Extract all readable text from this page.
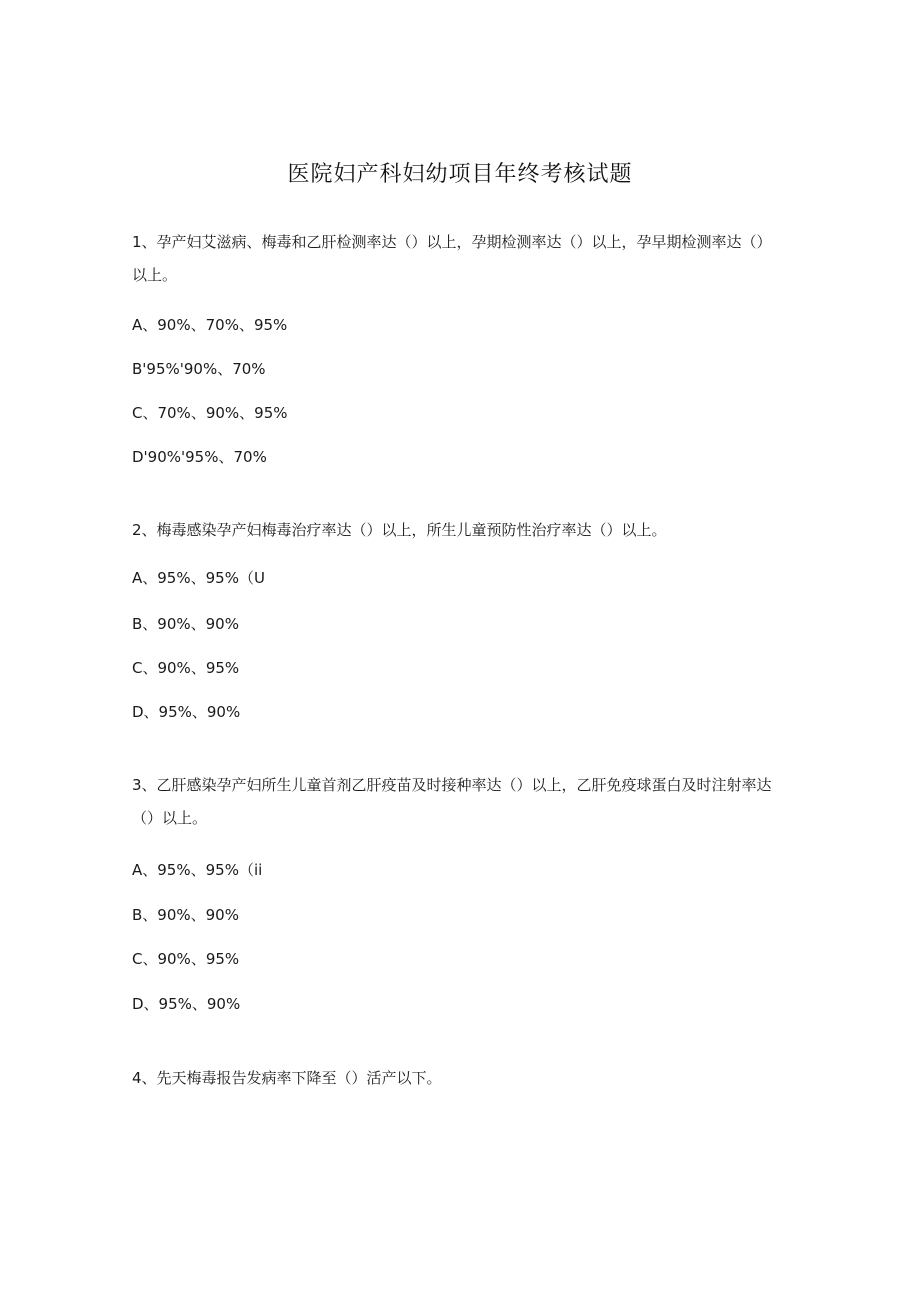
医院妇产科妇幼项目年终考核试题
1、孕产妇艾滋病、梅毒和乙肝检测率达（）以上，孕期检测率达（）以上，孕早期检测率达（）以上。
A、90%、70%、95%
B'95%'90%、70%
C、70%、90%、95%
D'90%'95%、70%
2、梅毒感染孕产妇梅毒治疗率达（）以上，所生儿童预防性治疗率达（）以上。
A、95%、95%（U
B、90%、90%
C、90%、95%
D、95%、90%
3、乙肝感染孕产妇所生儿童首剂乙肝疫苗及时接种率达（）以上，乙肝免疫球蛋白及时注射率达（）以上。
A、95%、95%（ii
B、90%、90%
C、90%、95%
D、95%、90%
4、先天梅毒报告发病率下降至（）活产以下。
